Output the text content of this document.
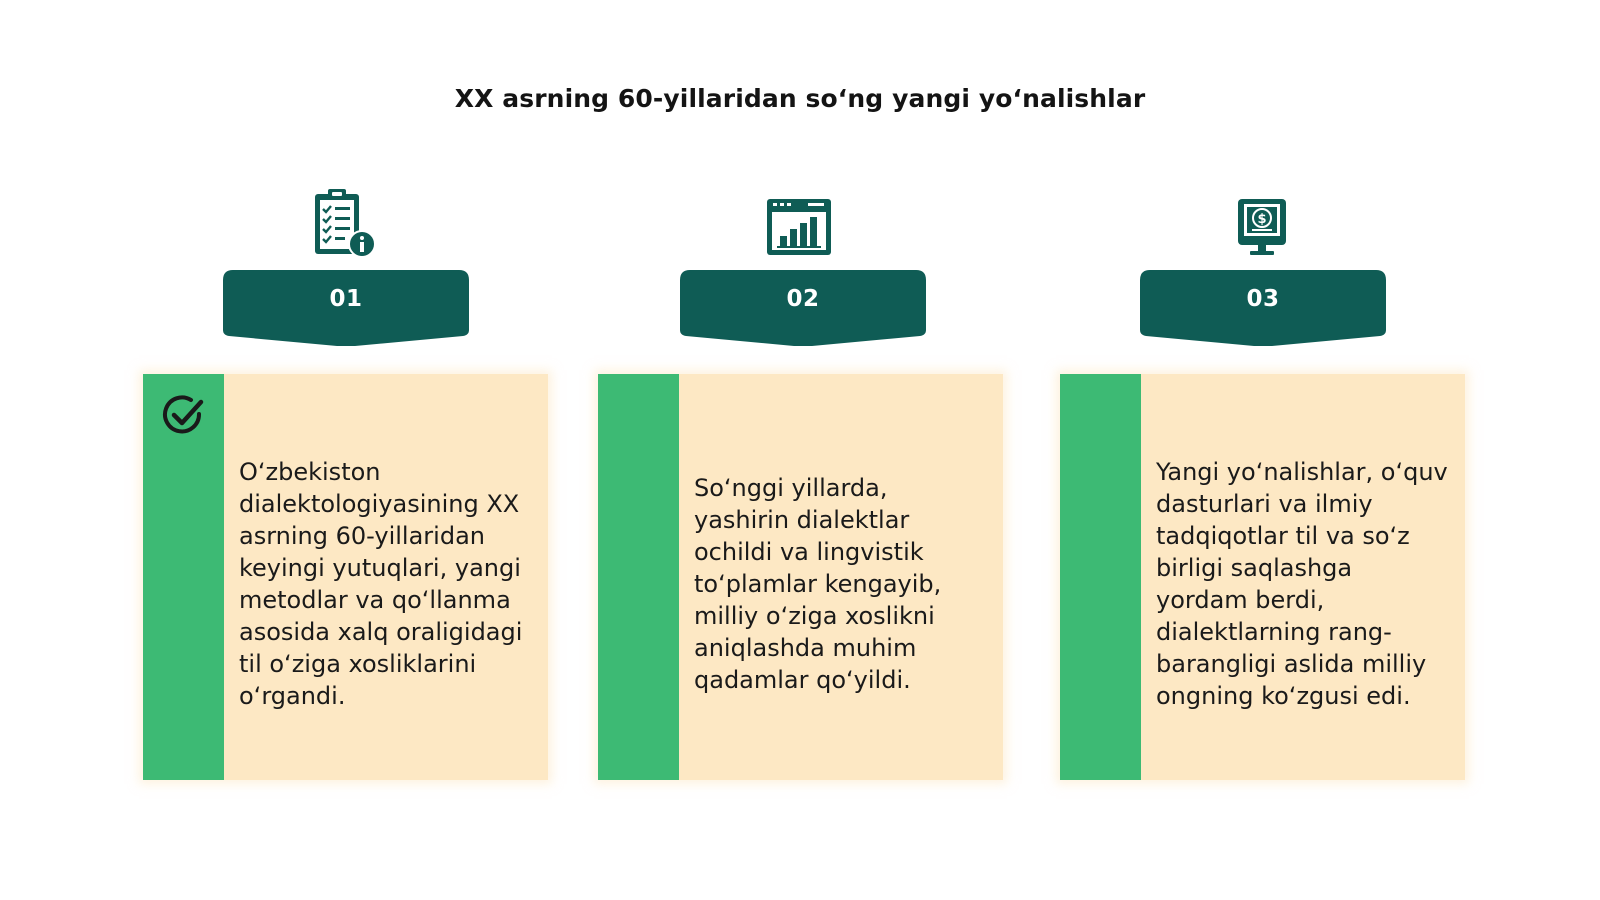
XX asrning 60-yillaridan so‘ng yangi yo‘nalishlar
01
O‘zbekiston dialektologiyasining XX asrning 60-yillaridan keyingi yutuqlari, yangi metodlar va qo‘llanma asosida xalq oraligidagi til o‘ziga xosliklarini o‘rgandi.
02
So‘nggi yillarda, yashirin dialektlar ochildi va lingvistik to‘plamlar kengayib, milliy o‘ziga xoslikni aniqlashda muhim qadamlar qo‘yildi.
$
03
Yangi yo‘nalishlar, o‘quv dasturlari va ilmiy tadqiqotlar til va so‘z birligi saqlashga yordam berdi, dialektlarning rang-barangligi aslida milliy ongning ko‘zgusi edi.
